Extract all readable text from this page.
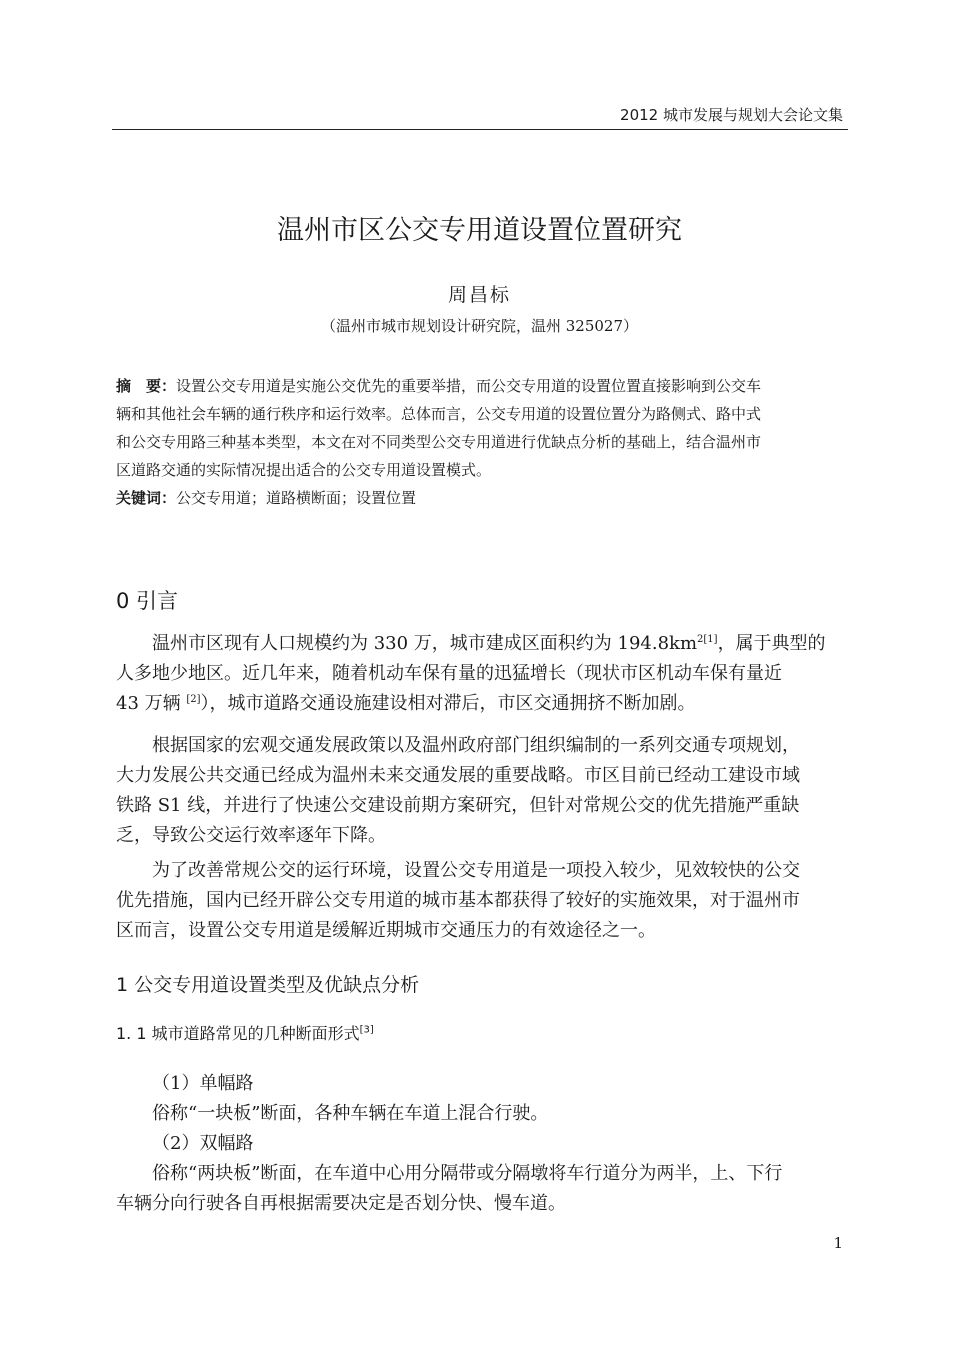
2012 城市发展与规划大会论文集
温州市区公交专用道设置位置研究
周昌标
（温州市城市规划设计研究院，温州 325027）
摘　要：设置公交专用道是实施公交优先的重要举措，而公交专用道的设置位置直接影响到公交车
辆和其他社会车辆的通行秩序和运行效率。总体而言，公交专用道的设置位置分为路侧式、路中式
和公交专用路三种基本类型，本文在对不同类型公交专用道进行优缺点分析的基础上，结合温州市
区道路交通的实际情况提出适合的公交专用道设置模式。
关键词：公交专用道；道路横断面；设置位置
0 引言
温州市区现有人口规模约为 330 万，城市建成区面积约为 $194.8km^{2[1]}$，属于典型的
人多地少地区。近几年来，随着机动车保有量的迅猛增长（现状市区机动车保有量近
43 万辆 [2]），城市道路交通设施建设相对滞后，市区交通拥挤不断加剧。
根据国家的宏观交通发展政策以及温州政府部门组织编制的一系列交通专项规划，
大力发展公共交通已经成为温州未来交通发展的重要战略。市区目前已经动工建设市域
铁路 S1 线，并进行了快速公交建设前期方案研究，但针对常规公交的优先措施严重缺
乏，导致公交运行效率逐年下降。
为了改善常规公交的运行环境，设置公交专用道是一项投入较少，见效较快的公交
优先措施，国内已经开辟公交专用道的城市基本都获得了较好的实施效果，对于温州市
区而言，设置公交专用道是缓解近期城市交通压力的有效途径之一。
1 公交专用道设置类型及优缺点分析
1. 1 城市道路常见的几种断面形式[3]
（1）单幅路
俗称“一块板”断面，各种车辆在车道上混合行驶。
（2）双幅路
俗称“两块板”断面，在车道中心用分隔带或分隔墩将车行道分为两半，上、下行
车辆分向行驶各自再根据需要决定是否划分快、慢车道。
1
